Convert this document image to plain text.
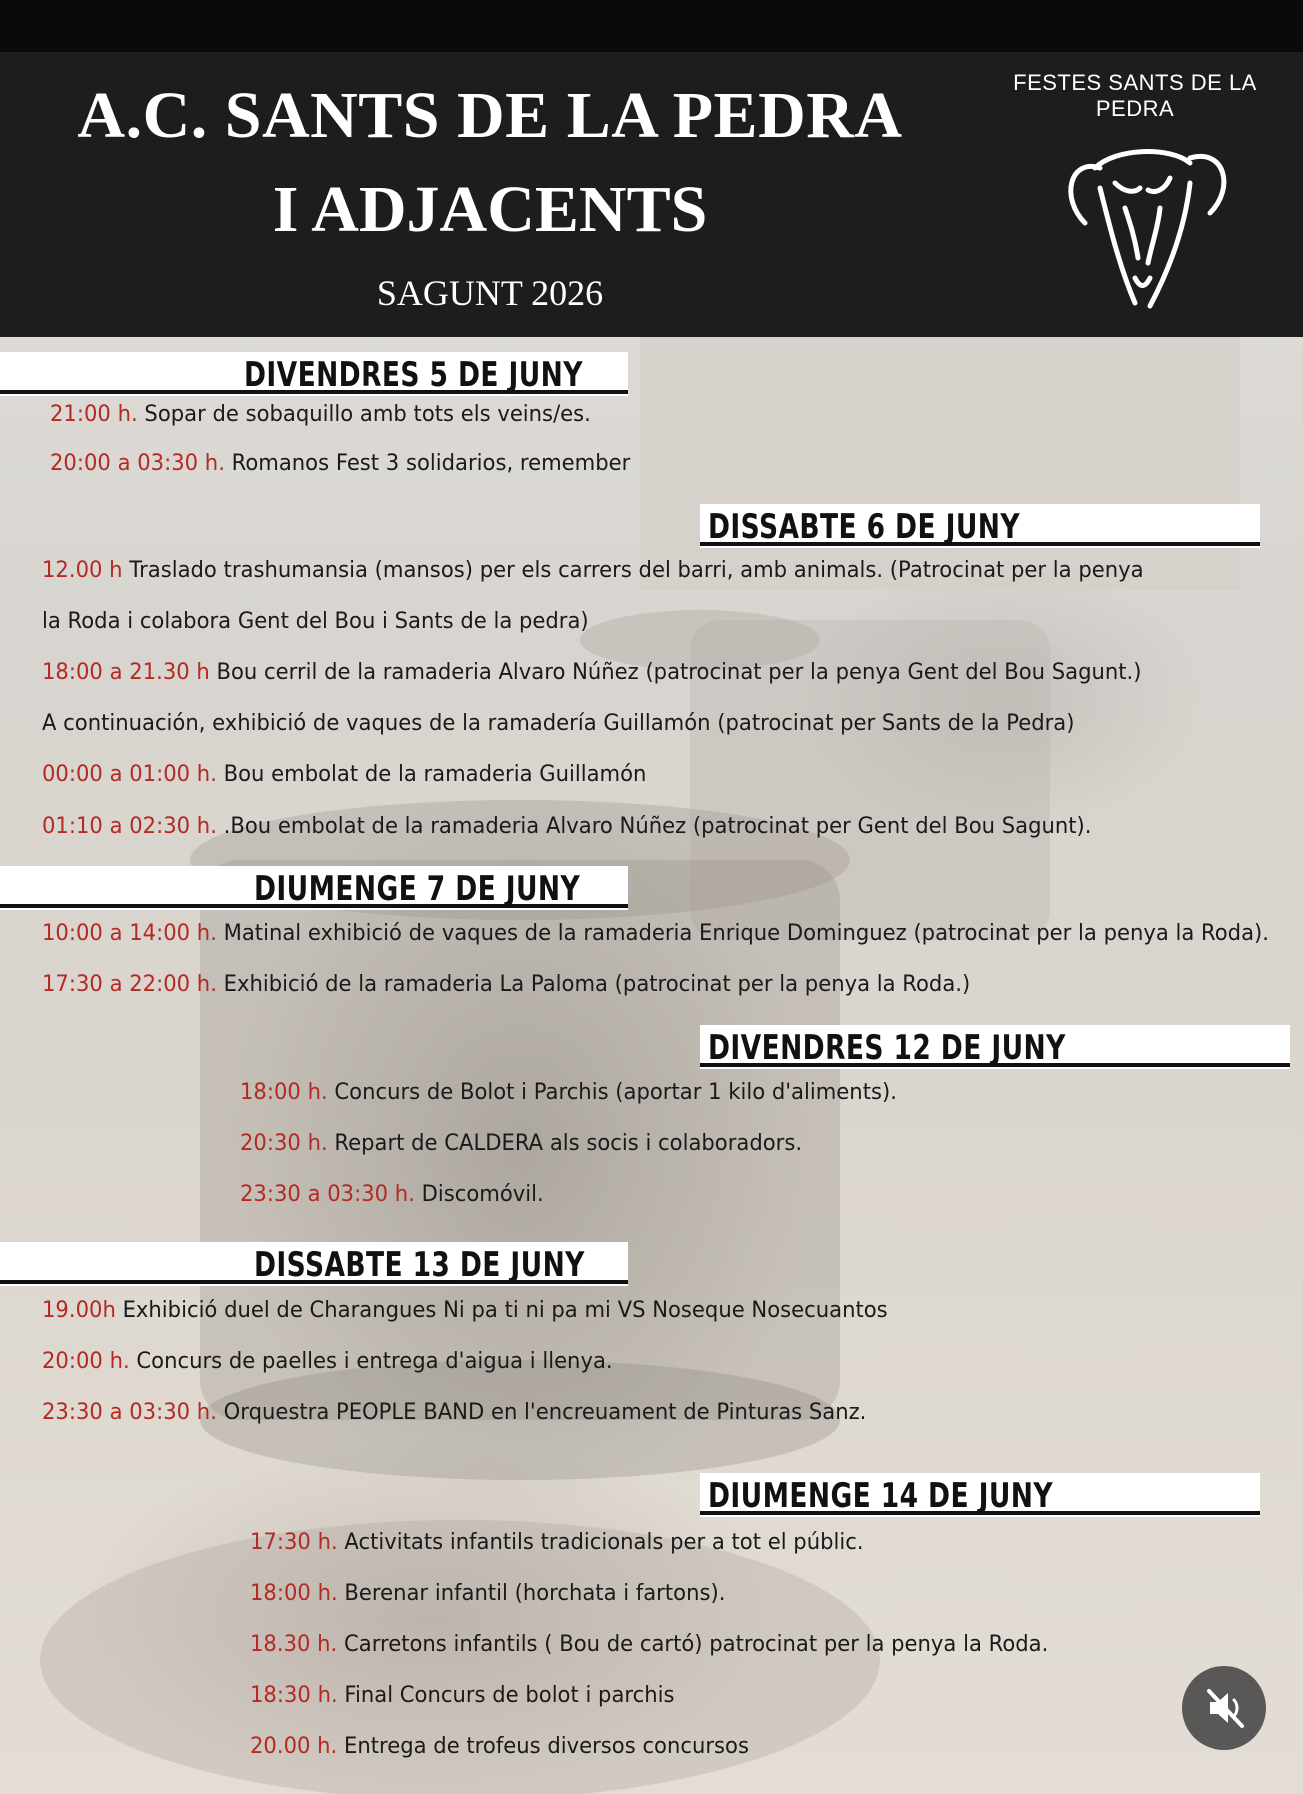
A.C. SANTS DE LA PEDRA
I ADJACENTS
SAGUNT 2026
FESTES SANTS DE LA
PEDRA
DIVENDRES 5 DE JUNY
21:00 h. Sopar de sobaquillo amb tots els veins/es.
20:00 a 03:30 h. Romanos Fest 3 solidarios, remember
DISSABTE 6 DE JUNY
12.00 h Traslado trashumansia (mansos) per els carrers del barri, amb animals. (Patrocinat per la penya
la Roda i colabora Gent del Bou i Sants de la pedra)
18:00 a 21.30 h Bou cerril de la ramaderia Alvaro Núñez (patrocinat per la penya Gent del Bou Sagunt.)
A continuación, exhibició de vaques de la ramadería Guillamón (patrocinat per Sants de la Pedra)
00:00 a 01:00 h. Bou embolat de la ramaderia Guillamón
01:10 a 02:30 h. .Bou embolat de la ramaderia Alvaro Núñez (patrocinat per Gent del Bou Sagunt).
DIUMENGE 7 DE JUNY
10:00 a 14:00 h. Matinal exhibició de vaques de la ramaderia Enrique Dominguez (patrocinat per la penya la Roda).
17:30 a 22:00 h. Exhibició de la ramaderia La Paloma (patrocinat per la penya la Roda.)
DIVENDRES 12 DE JUNY
18:00 h. Concurs de Bolot i Parchis (aportar 1 kilo d'aliments).
20:30 h. Repart de CALDERA als socis i colaboradors.
23:30 a 03:30 h. Discomóvil.
DISSABTE 13 DE JUNY
19.00h Exhibició duel de Charangues Ni pa ti ni pa mi VS Noseque Nosecuantos
20:00 h. Concurs de paelles i entrega d'aigua i llenya.
23:30 a 03:30 h. Orquestra PEOPLE BAND en l'encreuament de Pinturas Sanz.
DIUMENGE 14 DE JUNY
17:30 h. Activitats infantils tradicionals per a tot el públic.
18:00 h. Berenar infantil (horchata i fartons).
18.30 h. Carretons infantils ( Bou de cartó) patrocinat per la penya la Roda.
18:30 h. Final Concurs de bolot i parchis
20.00 h. Entrega de trofeus diversos concursos
